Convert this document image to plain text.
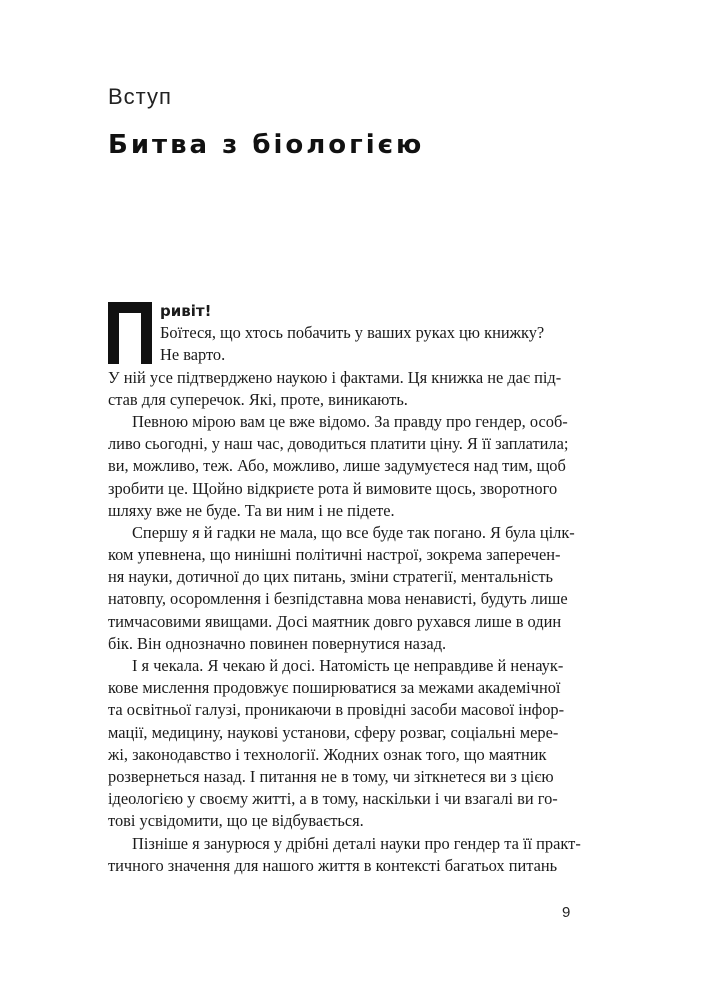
Вступ
Битва з біологією
ривіт!
Боїтеся, що хтось побачить у ваших руках цю книжку?
Не варто.
У ній усе підтверджено наукою і фактами. Ця книжка не дає під-
став для суперечок. Які, проте, виникають.
Певною мірою вам це вже відомо. За правду про гендер, особ-
ливо сьогодні, у наш час, доводиться платити ціну. Я її заплатила;
ви, можливо, теж. Або, можливо, лише задумуєтеся над тим, щоб
зробити це. Щойно відкриєте рота й вимовите щось, зворотного
шляху вже не буде. Та ви ним і не підете.
Спершу я й гадки не мала, що все буде так погано. Я була цілк-
ком упевнена, що нинішні політичні настрої, зокрема заперечен-
ня науки, дотичної до цих питань, зміни стратегії, ментальність
натовпу, осоромлення і безпідставна мова ненависті, будуть лише
тимчасовими явищами. Досі маятник довго рухався лише в один
бік. Він однозначно повинен повернутися назад.
І я чекала. Я чекаю й досі. Натомість це неправдиве й ненаук-
кове мислення продовжує поширюватися за межами академічної
та освітньої галузі, проникаючи в провідні засоби масової інфор-
мації, медицину, наукові установи, сферу розваг, соціальні мере-
жі, законодавство і технології. Жодних ознак того, що маятник
розвернеться назад. І питання не в тому, чи зіткнетеся ви з цією
ідеологією у своєму житті, а в тому, наскільки і чи взагалі ви го-
тові усвідомити, що це відбувається.
Пізніше я занурюся у дрібні деталі науки про гендер та її практ-
тичного значення для нашого життя в контексті багатьох питань
9
